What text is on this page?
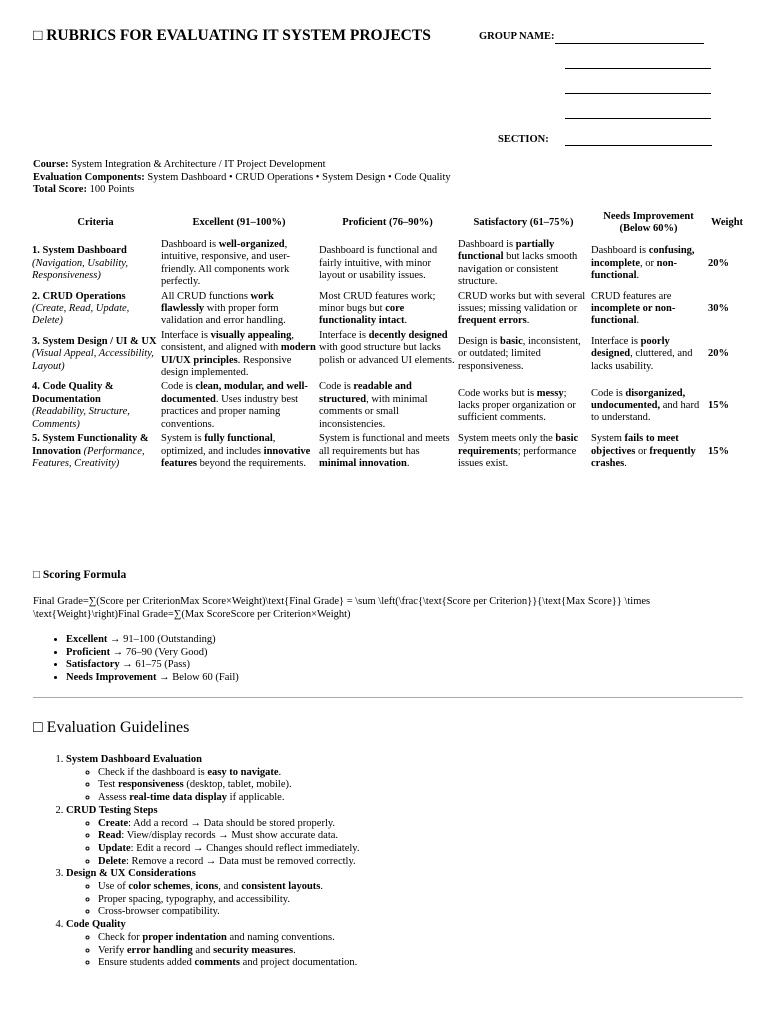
□ RUBRICS FOR EVALUATING IT SYSTEM PROJECTS	GROUP NAME:
SECTION:
Course: System Integration & Architecture / IT Project Development
Evaluation Components: System Dashboard • CRUD Operations • System Design • Code Quality
Total Score: 100 Points
Criteria	Excellent (91–100%)	Proficient (76–90%)	Satisfactory (61–75%)	Needs Improvement (Below 60%)	Weight
1. System Dashboard
(Navigation, Usability, Responsiveness)	Dashboard is well-organized, intuitive, responsive, and user-friendly. All components work perfectly.	Dashboard is functional and fairly intuitive, with minor layout or usability issues.	Dashboard is partially functional but lacks smooth navigation or consistent structure.	Dashboard is confusing, incomplete, or non-functional.	20%
2. CRUD Operations
(Create, Read, Update, Delete)	All CRUD functions work flawlessly with proper form validation and error handling.	Most CRUD features work; minor bugs but core functionality intact.	CRUD works but with several issues; missing validation or frequent errors.	CRUD features are incomplete or non-functional.	30%
3. System Design / UI & UX (Visual Appeal, Accessibility, Layout)	Interface is visually appealing, consistent, and aligned with modern UI/UX principles. Responsive design implemented.	Interface is decently designed with good structure but lacks polish or advanced UI elements.	Design is basic, inconsistent, or outdated; limited responsiveness.	Interface is poorly designed, cluttered, and lacks usability.	20%
4. Code Quality & Documentation
(Readability, Structure, Comments)	Code is clean, modular, and well-documented. Uses industry best practices and proper naming conventions.	Code is readable and structured, with minimal comments or small inconsistencies.	Code works but is messy; lacks proper organization or sufficient comments.	Code is disorganized, undocumented, and hard to understand.	15%
5. System Functionality & Innovation (Performance, Features, Creativity)	System is fully functional, optimized, and includes innovative features beyond the requirements.	System is functional and meets all requirements but has minimal innovation.	System meets only the basic requirements; performance issues exist.	System fails to meet objectives or frequently crashes.	15%
□ Scoring Formula
Final Grade=∑(Score per CriterionMax Score×Weight)\text{Final Grade} = \sum \left(\frac{\text{Score per Criterion}}{\text{Max Score}} \times \text{Weight}\right)Final Grade=∑(Max ScoreScore per Criterion×Weight)
• Excellent → 91–100 (Outstanding)
• Proficient → 76–90 (Very Good)
• Satisfactory → 61–75 (Pass)
• Needs Improvement → Below 60 (Fail)
□ Evaluation Guidelines
1. System Dashboard Evaluation
◦ Check if the dashboard is easy to navigate.
◦ Test responsiveness (desktop, tablet, mobile).
◦ Assess real-time data display if applicable.
2. CRUD Testing Steps
◦ Create: Add a record → Data should be stored properly.
◦ Read: View/display records → Must show accurate data.
◦ Update: Edit a record → Changes should reflect immediately.
◦ Delete: Remove a record → Data must be removed correctly.
3. Design & UX Considerations
◦ Use of color schemes, icons, and consistent layouts.
◦ Proper spacing, typography, and accessibility.
◦ Cross-browser compatibility.
4. Code Quality
◦ Check for proper indentation and naming conventions.
◦ Verify error handling and security measures.
◦ Ensure students added comments and project documentation.
